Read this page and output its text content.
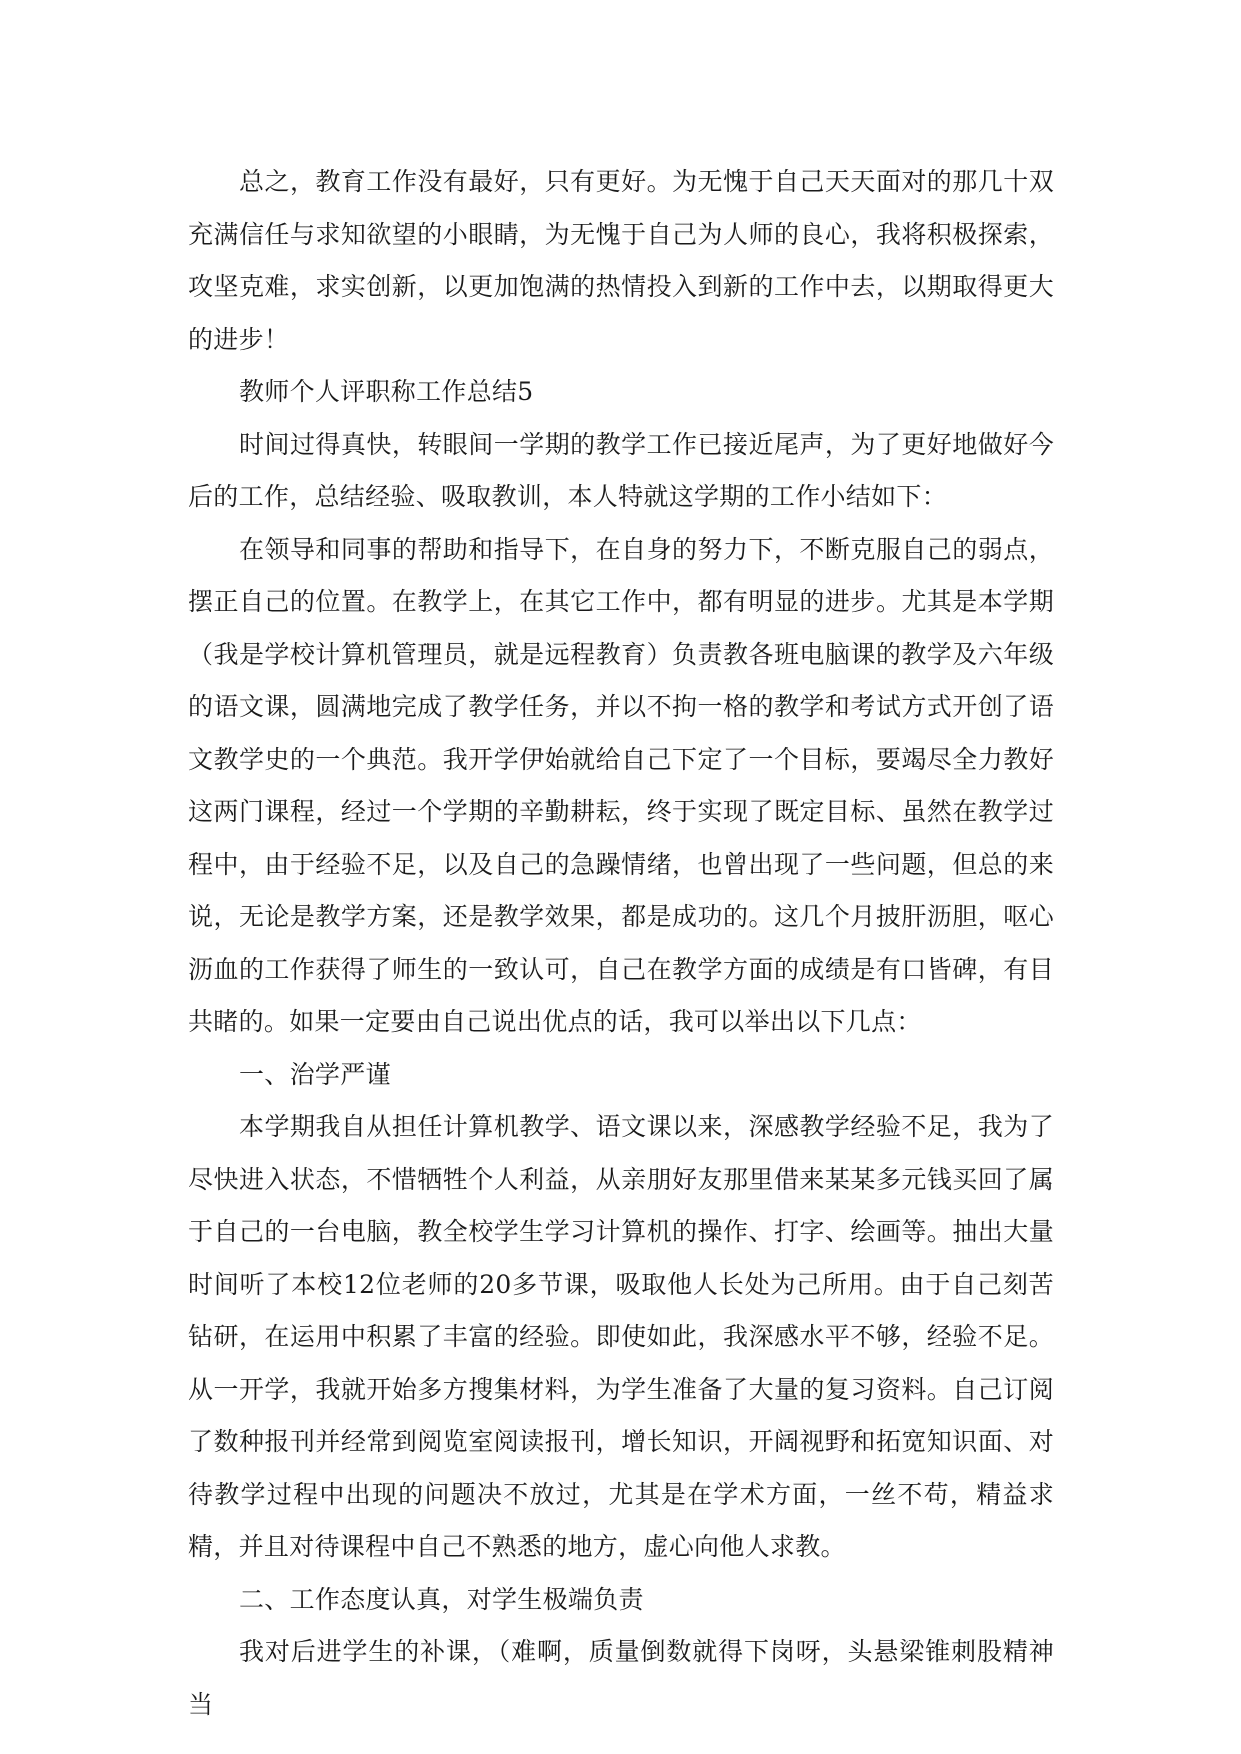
总之，教育工作没有最好，只有更好。为无愧于自己天天面对的那几十双充满信任与求知欲望的小眼睛，为无愧于自己为人师的良心，我将积极探索，攻坚克难，求实创新，以更加饱满的热情投入到新的工作中去，以期取得更大的进步！

教师个人评职称工作总结5

时间过得真快，转眼间一学期的教学工作已接近尾声，为了更好地做好今后的工作，总结经验、吸取教训，本人特就这学期的工作小结如下：

在领导和同事的帮助和指导下，在自身的努力下，不断克服自己的弱点，摆正自己的位置。在教学上，在其它工作中，都有明显的进步。尤其是本学期（我是学校计算机管理员，就是远程教育）负责教各班电脑课的教学及六年级的语文课，圆满地完成了教学任务，并以不拘一格的教学和考试方式开创了语文教学史的一个典范。我开学伊始就给自己下定了一个目标，要竭尽全力教好这两门课程，经过一个学期的辛勤耕耘，终于实现了既定目标、虽然在教学过程中，由于经验不足，以及自己的急躁情绪，也曾出现了一些问题，但总的来说，无论是教学方案，还是教学效果，都是成功的。这几个月披肝沥胆，呕心沥血的工作获得了师生的一致认可，自己在教学方面的成绩是有口皆碑，有目共睹的。如果一定要由自己说出优点的话，我可以举出以下几点：

一、治学严谨

本学期我自从担任计算机教学、语文课以来，深感教学经验不足，我为了尽快进入状态，不惜牺牲个人利益，从亲朋好友那里借来某某多元钱买回了属于自己的一台电脑，教全校学生学习计算机的操作、打字、绘画等。抽出大量时间听了本校12位老师的20多节课，吸取他人长处为己所用。由于自己刻苦钻研，在运用中积累了丰富的经验。即使如此，我深感水平不够，经验不足。从一开学，我就开始多方搜集材料，为学生准备了大量的复习资料。自己订阅了数种报刊并经常到阅览室阅读报刊，增长知识，开阔视野和拓宽知识面、对待教学过程中出现的问题决不放过，尤其是在学术方面，一丝不苟，精益求精，并且对待课程中自己不熟悉的地方，虚心向他人求教。

二、工作态度认真，对学生极端负责

我对后进学生的补课，（难啊，质量倒数就得下岗呀，头悬梁锥刺股精神当
